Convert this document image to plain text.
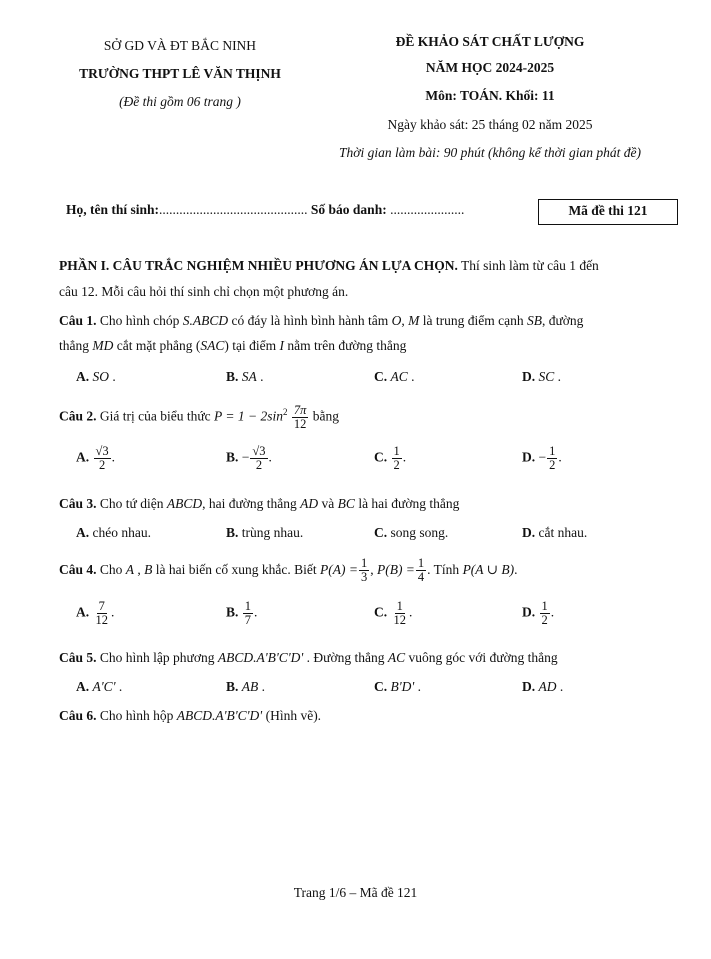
SỞ GD VÀ ĐT BẮC NINH
TRƯỜNG THPT LÊ VĂN THỊNH
(Đề thi gồm 06 trang )
ĐỀ KHẢO SÁT CHẤT LƯỢNG
NĂM HỌC 2024-2025
Môn: TOÁN. Khối: 11
Ngày khảo sát: 25 tháng 02 năm 2025
Thời gian làm bài: 90 phút (không kể thời gian phát đề)
Họ, tên thí sinh:............................................ Số báo danh: ......................	Mã đề thi 121
PHẦN I. CÂU TRẮC NGHIỆM NHIỀU PHƯƠNG ÁN LỰA CHỌN. Thí sinh làm từ câu 1 đến
câu 12. Mỗi câu hỏi thí sinh chỉ chọn một phương án.
Câu 1. Cho hình chóp S.ABCD có đáy là hình bình hành tâm O, M là trung điểm cạnh SB, đường
thẳng MD cắt mặt phẳng (SAC) tại điểm I nằm trên đường thẳng
A. SO .	B. SA .	C. AC .	D. SC .
Câu 2. Giá trị của biểu thức $P = 1 - 2\sin^2 \frac{7\pi}{12}$ bằng
A. $\frac{√3}{2}$ .	B. − $\frac{√3}{2}$ .	C. $\frac{1}{2}$ .	D. − $\frac{1}{2}$ .
Câu 3. Cho tứ diện ABCD, hai đường thẳng AD và BC là hai đường thẳng
A. chéo nhau.	B. trùng nhau.	C. song song.	D. cắt nhau.
Câu 4. Cho A , B là hai biến cố xung khắc. Biết $P(A) = \frac{1}{3}$ , $P(B) = \frac{1}{4}$ . Tính P(A ∪ B).
A. $\frac{7}{12}$ .	B. $\frac{1}{7}$ .	C. $\frac{1}{12}$ .	D. $\frac{1}{2}$ .
Câu 5. Cho hình lập phương ABCD.A'B'C'D' . Đường thẳng AC vuông góc với đường thẳng
A. A'C' .	B. AB .	C. B'D' .	D. AD .
Câu 6. Cho hình hộp ABCD.A'B'C'D' (Hình vẽ).
Trang 1/6 – Mã đề 121
